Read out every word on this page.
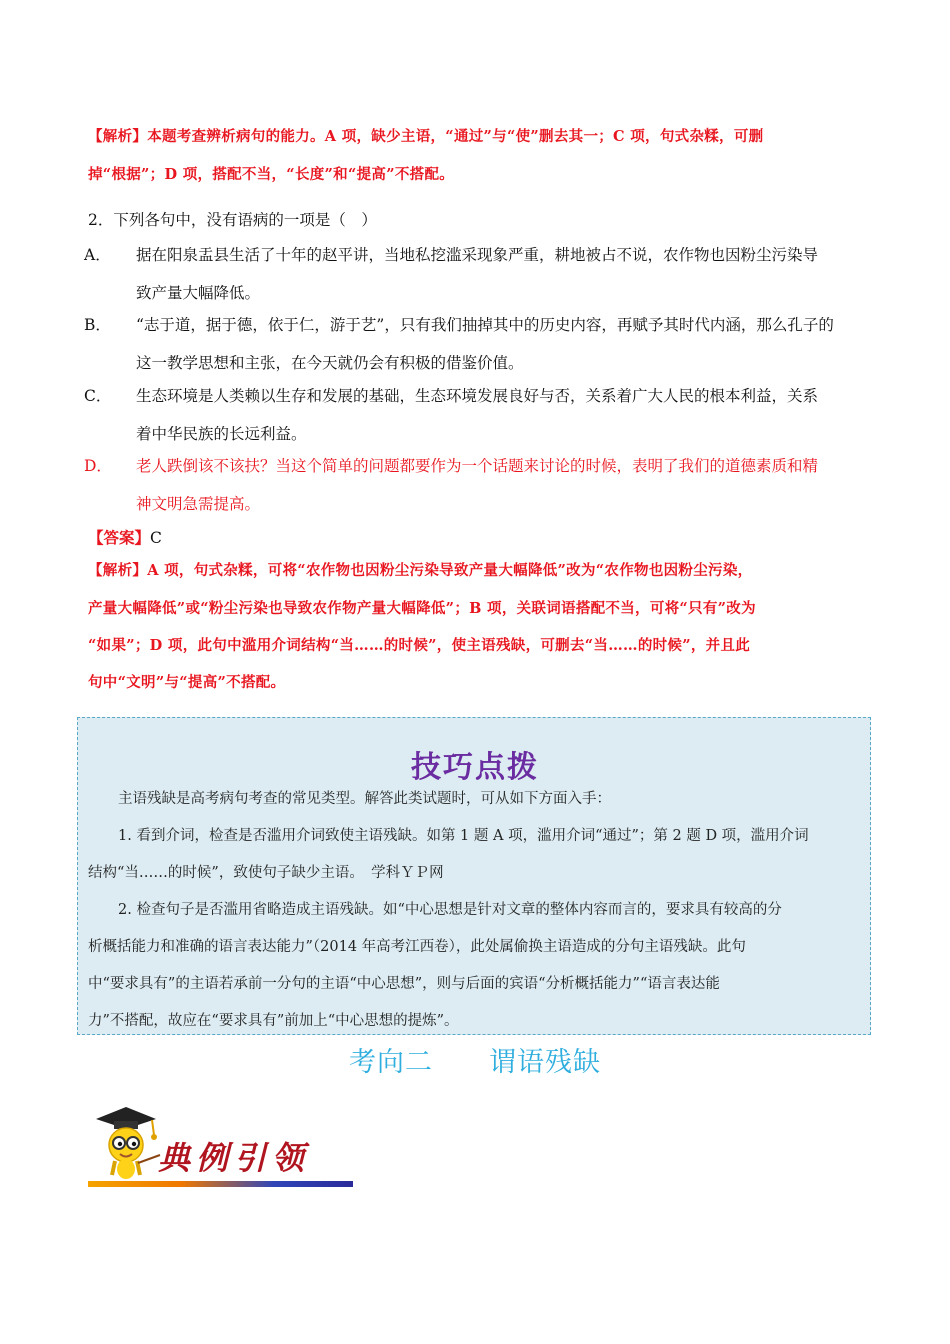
【解析】本题考查辨析病句的能力。A 项，缺少主语，“通过”与“使”删去其一；C 项，句式杂糅，可删
掉“根据”；D 项，搭配不当，“长度”和“提高”不搭配。
2．下列各句中，没有语病的一项是（　）
A． 据在阳泉盂县生活了十年的赵平讲，当地私挖滥采现象严重，耕地被占不说，农作物也因粉尘污染导
致产量大幅降低。
B． “志于道，据于德，依于仁，游于艺”，只有我们抽掉其中的历史内容，再赋予其时代内涵，那么孔子的
这一教学思想和主张，在今天就仍会有积极的借鉴价值。
C． 生态环境是人类赖以生存和发展的基础，生态环境发展良好与否，关系着广大人民的根本利益，关系
着中华民族的长远利益。
D． 老人跌倒该不该扶？当这个简单的问题都要作为一个话题来讨论的时候，表明了我们的道德素质和精
神文明急需提高。
【答案】C
【解析】A 项，句式杂糅，可将“农作物也因粉尘污染导致产量大幅降低”改为“农作物也因粉尘污染，
产量大幅降低”或“粉尘污染也导致农作物产量大幅降低”；B 项，关联词语搭配不当，可将“只有”改为
“如果”；D 项，此句中滥用介词结构“当……的时候”，使主语残缺，可删去“当……的时候”，并且此
句中“文明”与“提高”不搭配。
技巧点拨
主语残缺是高考病句考查的常见类型。解答此类试题时，可从如下方面入手：
1. 看到介词，检查是否滥用介词致使主语残缺。如第 1 题 A 项，滥用介词“通过”；第 2 题 D 项，滥用介词
结构“当……的时候”，致使句子缺少主语。　学科ＹＰ网
2. 检查句子是否滥用省略造成主语残缺。如“中心思想是针对文章的整体内容而言的，要求具有较高的分
析概括能力和准确的语言表达能力”（2014 年高考江西卷），此处属偷换主语造成的分句主语残缺。此句
中“要求具有”的主语若承前一分句的主语“中心思想”，则与后面的宾语“分析概括能力”“语言表达能
力”不搭配，故应在“要求具有”前加上“中心思想的提炼”。
考向二 谓语残缺
典例引领
